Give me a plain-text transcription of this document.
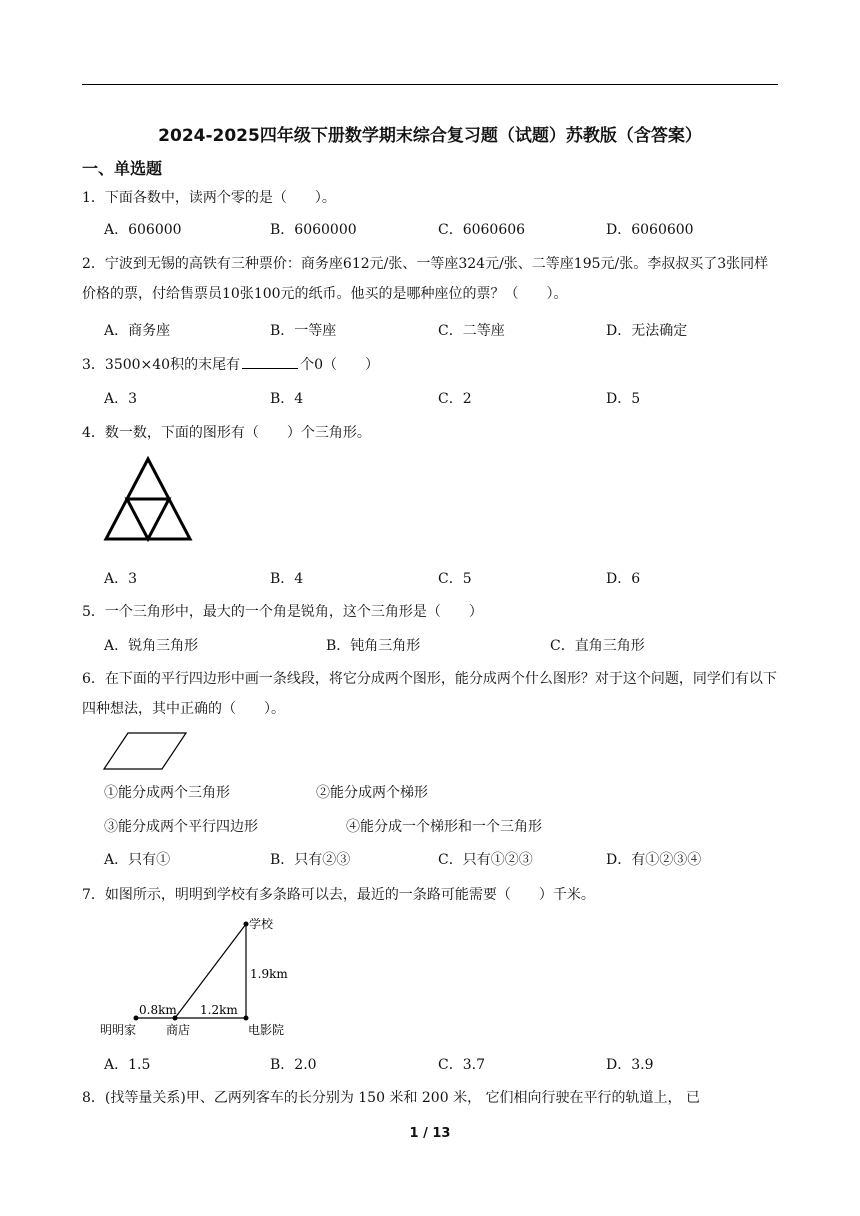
2024-2025四年级下册数学期末综合复习题（试题）苏教版（含答案）
一、单选题
1．下面各数中，读两个零的是（　　）。
A．606000	B．6060000	C．6060606	D．6060600
2．宁波到无锡的高铁有三种票价：商务座612元/张、一等座324元/张、二等座195元/张。李叔叔买了3张同样价格的票，付给售票员10张100元的纸币。他买的是哪种座位的票？（　　）。
A．商务座	B．一等座	C．二等座	D．无法确定
3．3500×40积的末尾有	个0（　　）
A．3	B．4	C．2	D．5
4．数一数，下面的图形有（　　）个三角形。
A．3	B．4	C．5	D．6
5．一个三角形中，最大的一个角是锐角，这个三角形是（　　）
A．锐角三角形	B．钝角三角形	C．直角三角形
6．在下面的平行四边形中画一条线段，将它分成两个图形，能分成两个什么图形？对于这个问题，同学们有以下四种想法，其中正确的（　　）。
①能分成两个三角形	②能分成两个梯形
③能分成两个平行四边形	④能分成一个梯形和一个三角形
A．只有①	B．只有②③	C．只有①②③	D．有①②③④
7．如图所示，明明到学校有多条路可以去，最近的一条路可能需要（　　）千米。
学校
1.9km
0.8km 1.2km
明明家 商店	电影院
A．1.5	B．2.0	C．3.7	D．3.9
8．(找等量关系)甲、乙两列客车的长分别为 150 米和 200 米， 它们相向行驶在平行的轨道上， 已
1 / 13
